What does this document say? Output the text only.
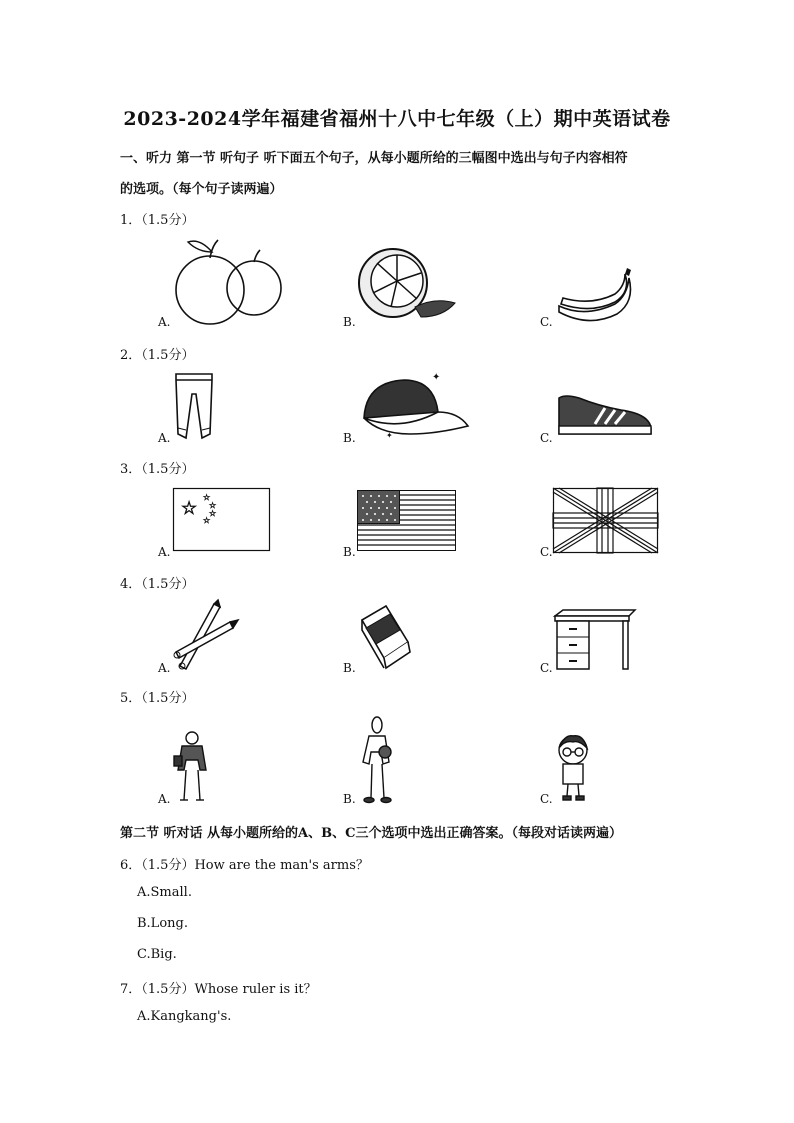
2023-2024学年福建省福州十八中七年级（上）期中英语试卷
一、听力 第一节 听句子 听下面五个句子，从每小题所给的三幅图中选出与句子内容相符
的选项。（每个句子读两遍）
1．（1.5分）
A.	B.	C.
2．（1.5分）
A.
✦
✦
B.	C.
3．（1.5分）
☆
☆
☆
☆
☆
A.	B.	C.
4．（1.5分）
A.	B.	C.
5．（1.5分）
A.	B.	C.
第二节 听对话 从每小题所给的A、B、C三个选项中选出正确答案。（每段对话读两遍）
6．（1.5分）How are the man's arms？
A.Small.
B.Long.
C.Big.
7．（1.5分）Whose ruler is it？
A.Kangkang's.
